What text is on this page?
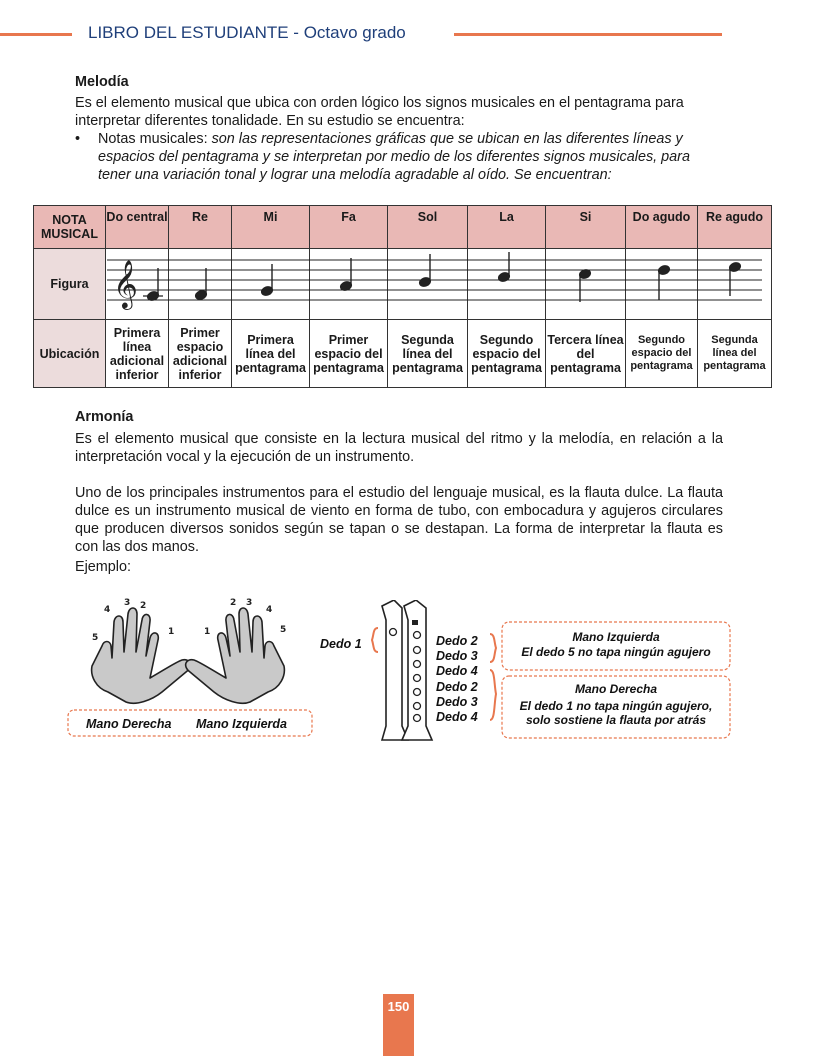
LIBRO DEL ESTUDIANTE - Octavo grado
Melodía
Es el elemento musical que ubica con orden lógico los signos musicales en el pentagrama para interpretar diferentes tonalidade. En su estudio se encuentra:
• Notas musicales: son las representaciones gráficas que se ubican en las diferentes líneas y espacios del pentagrama y se interpretan por medio de los diferentes signos musicales, para tener una variación tonal y lograr una melodía agradable al oído. Se encuentran:
NOTA MUSICAL	Do central	Re	Mi	Fa	Sol	La	Si	Do agudo	Re agudo
Figura									
Ubicación	Primera línea adicional inferior	Primer espacio adicional inferior	Primera línea del pentagrama	Primer espacio del pentagrama	Segunda línea del pentagrama	Segundo espacio del pentagrama	Tercera línea del pentagrama	Segundo espacio del pentagrama	Segunda línea del pentagrama
𝄞
Armonía
Es el elemento musical que consiste en la lectura musical del ritmo y la melodía, en relación a la interpretación vocal y la ejecución de un instrumento.
Uno de los principales instrumentos para el estudio del lenguaje musical, es la flauta dulce. La flauta dulce es un instrumento musical de viento en forma de tubo, con embocadura y agujeros circulares que producen diversos sonidos según se tapan o se destapan. La forma de interpretar la flauta es con las dos manos.
Ejemplo:
5
4
3 2
1	1
2 3
4
5
Mano Derecha Mano Izquierda
Dedo 1	Dedo 2
Dedo 3
Dedo 4
Dedo 2
Dedo 3
Dedo 4
Mano Izquierda
El dedo 5 no tapa ningún agujero
Mano Derecha
El dedo 1 no tapa ningún agujero,
solo sostiene la flauta por atrás
150
